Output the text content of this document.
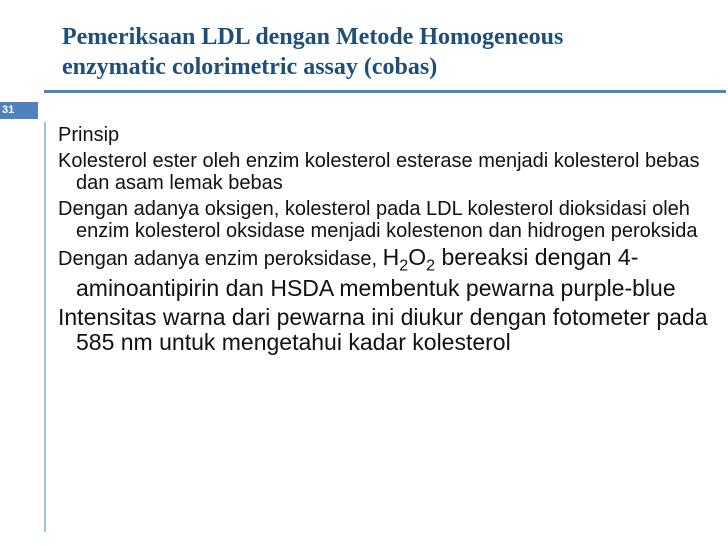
Pemeriksaan LDL dengan Metode Homogeneous
enzymatic colorimetric assay (cobas)
31
Prinsip
Kolesterol ester oleh enzim kolesterol esterase menjadi kolesterol bebas dan asam lemak bebas
Dengan adanya oksigen, kolesterol pada LDL kolesterol dioksidasi oleh enzim kolesterol oksidase menjadi kolestenon dan hidrogen peroksida
Dengan adanya enzim peroksidase, $H_2O_2$ bereaksi dengan 4-aminoantipirin dan HSDA membentuk pewarna purple-blue
Intensitas warna dari pewarna ini diukur dengan fotometer pada 585 nm untuk mengetahui kadar kolesterol
